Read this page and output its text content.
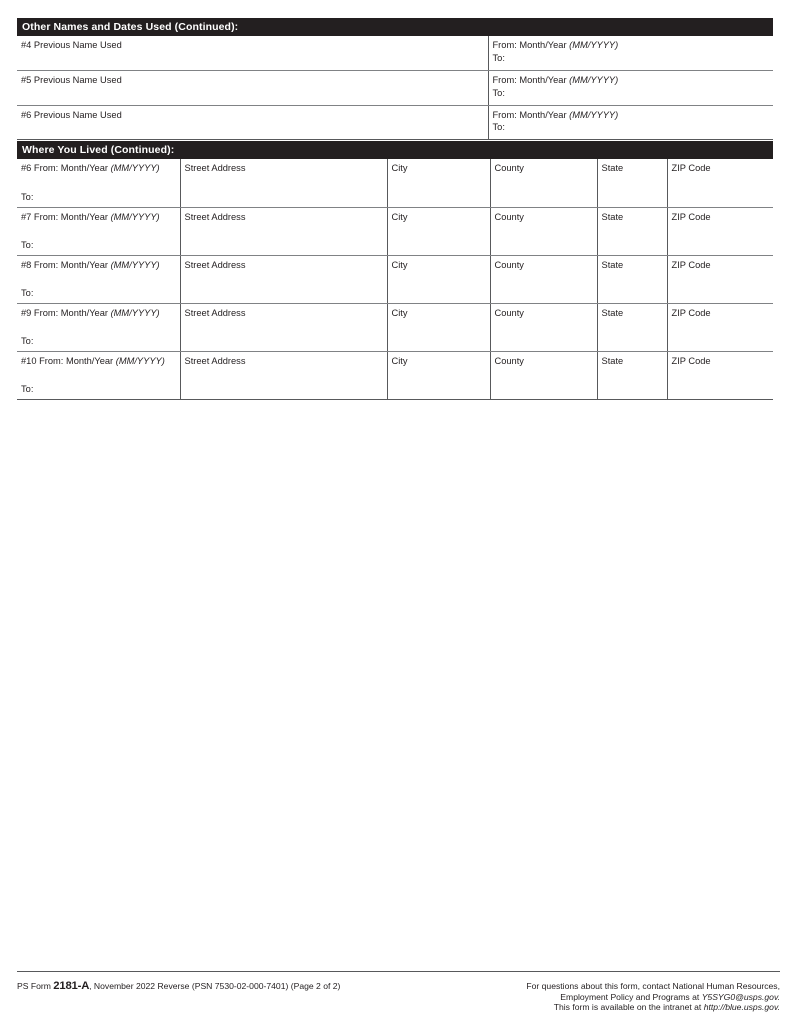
Other Names and Dates Used (Continued):
#4 Previous Name Used	From: Month/Year (MM/YYYY)
To:

#5 Previous Name Used	From: Month/Year (MM/YYYY)
To:

#6 Previous Name Used	From: Month/Year (MM/YYYY)
To:
Where You Lived (Continued):
#6 From: Month/Year (MM/YYYY)
To:	Street Address	City	County	State	ZIP Code

#7 From: Month/Year (MM/YYYY)
To:	Street Address	City	County	State	ZIP Code

#8 From: Month/Year (MM/YYYY)
To:	Street Address	City	County	State	ZIP Code

#9 From: Month/Year (MM/YYYY)
To:	Street Address	City	County	State	ZIP Code

#10 From: Month/Year (MM/YYYY)
To:	Street Address	City	County	State	ZIP Code
PS Form 2181-A, November 2022 Reverse (PSN 7530-02-000-7401) (Page 2 of 2)	For questions about this form, contact National Human Resources,
Employment Policy and Programs at Y5SYG0@usps.gov.
This form is available on the intranet at http://blue.usps.gov.
